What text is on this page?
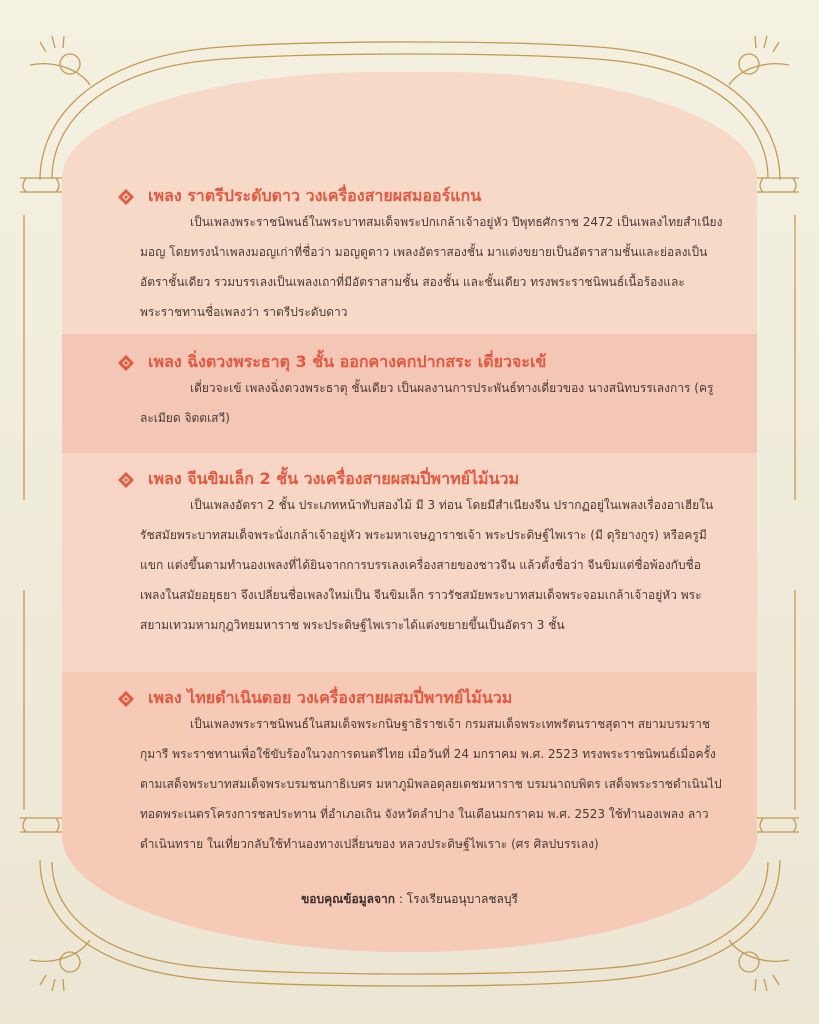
เพลง ราตรีประดับดาว วงเครื่องสายผสมออร์แกน

เป็นเพลงพระราชนิพนธ์ในพระบาทสมเด็จพระปกเกล้าเจ้าอยู่หัว ปีพุทธศักราช 2472 เป็นเพลงไทยสำเนียงมอญ โดยทรงนำเพลงมอญเก่าที่ชื่อว่า มอญดูดาว เพลงอัตราสองชั้น มาแต่งขยายเป็นอัตราสามชั้นและย่อลงเป็นอัตราชั้นเดียว รวมบรรเลงเป็นเพลงเถาที่มีอัตราสามชั้น สองชั้น และชั้นเดียว ทรงพระราชนิพนธ์เนื้อร้องและพระราชทานชื่อเพลงว่า ราตรีประดับดาว

เพลง ฉิ่งตวงพระธาตุ 3 ชั้น ออกคางคกปากสระ เดี่ยวจะเข้

เดี่ยวจะเข้ เพลงฉิ่งตวงพระธาตุ ชั้นเดียว เป็นผลงานการประพันธ์ทางเดี่ยวของ นางสนิทบรรเลงการ (ครูละเมียด จิตตเสวี)

เพลง จีนขิมเล็ก 2 ชั้น วงเครื่องสายผสมปี่พาทย์ไม้นวม

เป็นเพลงอัตรา 2 ชั้น ประเภทหน้าทับสองไม้ มี 3 ท่อน โดยมีสำเนียงจีน ปรากฏอยู่ในเพลงเรื่องอาเฮียในรัชสมัยพระบาทสมเด็จพระนั่งเกล้าเจ้าอยู่หัว พระมหาเจษฎาราชเจ้า พระประดิษฐ์ไพเราะ (มี ดุริยางกูร) หรือครูมีแขก แต่งขึ้นตามทำนองเพลงที่ได้ยินจากการบรรเลงเครื่องสายของชาวจีน แล้วตั้งชื่อว่า จีนขิมแต่ชื่อพ้องกับชื่อเพลงในสมัยอยุธยา จึงเปลี่ยนชื่อเพลงใหม่เป็น จีนขิมเล็ก ราวรัชสมัยพระบาทสมเด็จพระจอมเกล้าเจ้าอยู่หัว พระสยามเทวมหามกุฎวิทยมหาราช พระประดิษฐ์ไพเราะได้แต่งขยายขึ้นเป็นอัตรา 3 ชั้น

เพลง ไทยดำเนินดอย วงเครื่องสายผสมปี่พาทย์ไม้นวม

เป็นเพลงพระราชนิพนธ์ในสมเด็จพระกนิษฐาธิราชเจ้า กรมสมเด็จพระเทพรัตนราชสุดาฯ สยามบรมราชกุมารี พระราชทานเพื่อใช้ขับร้องในวงการดนตรีไทย เมื่อวันที่ 24 มกราคม พ.ศ. 2523 ทรงพระราชนิพนธ์เมื่อครั้งตามเสด็จพระบาทสมเด็จพระบรมชนกาธิเบศร มหาภูมิพลอดุลยเดชมหาราช บรมนาถบพิตร เสด็จพระราชดำเนินไปทอดพระเนตรโครงการชลประทาน ที่อำเภอเถิน จังหวัดลำปาง ในเดือนมกราคม พ.ศ. 2523 ใช้ทำนองเพลง ลาวดำเนินทราย ในเที่ยวกลับใช้ทำนองทางเปลี่ยนของ หลวงประดิษฐ์ไพเราะ (ศร ศิลปบรรเลง)

ขอบคุณข้อมูลจาก : โรงเรียนอนุบาลชลบุรี
